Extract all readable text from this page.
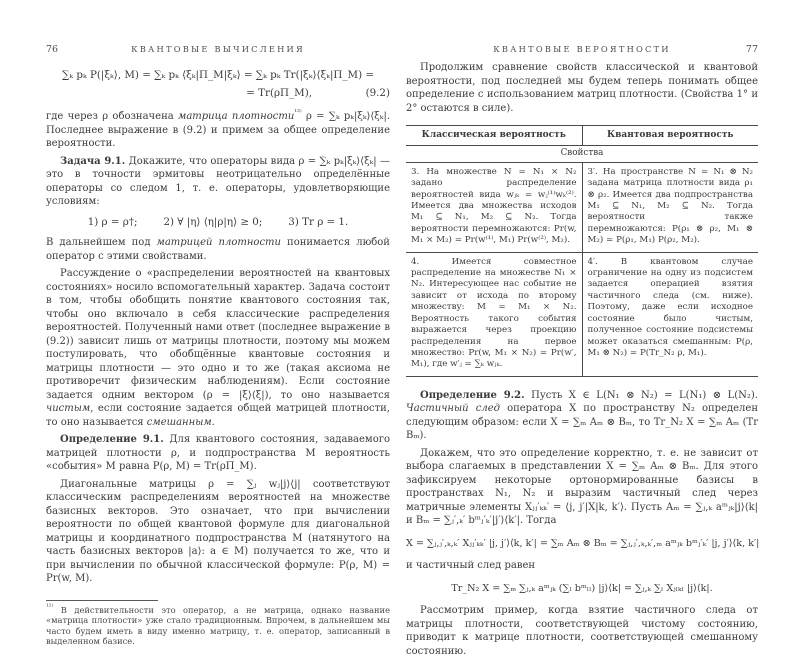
76	КВАНТОВЫЕ ВЫЧИСЛЕНИЯ
∑ₖ pₖ P(|ξₖ⟩, M) = ∑ₖ pₖ ⟨ξₖ|Π_M|ξₖ⟩ = ∑ₖ pₖ Tr(|ξₖ⟩⟨ξₖ|Π_M) =
= Tr(ρΠ_M),	(9.2)

где через ρ обозначена матрица плотности$^{^{12)}}$ ρ = ∑ₖ pₖ|ξₖ⟩⟨ξₖ|. Последнее выражение в (9.2) и примем за общее определение вероятности.

Задача 9.1. Докажите, что операторы вида ρ = ∑ₖ pₖ|ξₖ⟩⟨ξₖ| — это в точности эрмитовы неотрицательно определённые операторы со следом 1, т. е. операторы, удовлетворяющие условиям:

1) ρ = ρ†;	2) ∀ |η⟩ ⟨η|ρ|η⟩ ≥ 0;	3) Tr ρ = 1.

В дальнейшем под матрицей плотности понимается любой оператор с этими свойствами.

Рассуждение о «распределении вероятностей на квантовых состояниях» носило вспомогательный характер. Задача состоит в том, чтобы обобщить понятие квантового состояния так, чтобы оно включало в себя классические распределения вероятностей. Полученный нами ответ (последнее выражение в (9.2)) зависит лишь от матрицы плотности, поэтому мы можем постулировать, что обобщённые квантовые состояния и матрицы плотности — это одно и то же (такая аксиома не противоречит физическим наблюдениям). Если состояние задается одним вектором (ρ = |ξ⟩⟨ξ|), то оно называется чистым, если состояние задается общей матрицей плотности, то оно называется смешанным.

Определение 9.1. Для квантового состояния, задаваемого матрицей плотности ρ, и подпространства M вероятность «события» M равна P(ρ, M) = Tr(ρΠ_M).

Диагональные матрицы ρ = ∑ⱼ wⱼ|j⟩⟨j| соответствуют классическим распределениям вероятностей на множестве базисных векторов. Это означает, что при вычислении вероятности по общей квантовой формуле для диагональной матрицы и координатного подпространства M (натянутого на часть базисных векторов |a⟩: a ∈ M) получается то же, что и при вычислении по обычной классической формуле: P(ρ, M) = Pr(w, M).

$^{^{12)}}$ В действительности это оператор, а не матрица, однако название «матрица плотности» уже стало традиционным. Впрочем, в дальнейшем мы часто будем иметь в виду именно матрицу, т. е. оператор, записанный в выделенном базисе.

КВАНТОВЫЕ ВЕРОЯТНОСТИ	77

Продолжим сравнение свойств классической и квантовой вероятности, под последней мы будем теперь понимать общее определение с использованием матриц плотности. (Свойства 1° и 2° остаются в силе).

Классическая вероятность	Квантовая вероятность
Свойства	
3. На множестве N = N₁ × N₂ задано распределение вероятностей вида wⱼₖ = wⱼ⁽¹⁾wₖ⁽²⁾. Имеется два множества исходов M₁ ⊆ N₁, M₂ ⊆ N₂. Тогда вероятности перемножаются: Pr(w, M₁ × M₂) = Pr(w⁽¹⁾, M₁) Pr(w⁽²⁾, M₂).	3′. На пространстве N = N₁ ⊗ N₂ задана матрица плотности вида ρ₁ ⊗ ρ₂. Имеется два подпространства M₁ ⊆ N₁, M₂ ⊆ N₂. Тогда вероятности также перемножаются: P(ρ₁ ⊗ ρ₂, M₁ ⊗ M₂) = P(ρ₁, M₁) P(ρ₂, M₂).
4. Имеется совместное распределение на множестве N₁ × N₂. Интересующее нас событие не зависит от исхода по второму множеству: M = M₁ × N₂. Вероятность такого события выражается через проекцию распределения на первое множество: Pr(w, M₁ × N₂) = Pr(w′, M₁), где w′ⱼ = ∑ₖ wⱼₖ.	4′. В квантовом случае ограничение на одну из подсистем задается операцией взятия частичного следа (см. ниже). Поэтому, даже если исходное состояние было чистым, полученное состояние подсистемы может оказаться смешанным: P(ρ, M₁ ⊗ N₂) = P(Tr_N₂ ρ, M₁).

Определение 9.2. Пусть X ∈ L(N₁ ⊗ N₂) = L(N₁) ⊗ L(N₂). Частичный след оператора X по пространству N₂ определен следующим образом: если X = ∑ₘ Aₘ ⊗ Bₘ, то Tr_N₂ X = ∑ₘ Aₘ (Tr Bₘ).

Докажем, что это определение корректно, т. е. не зависит от выбора слагаемых в представлении X = ∑ₘ Aₘ ⊗ Bₘ. Для этого зафиксируем некоторые ортонормированные базисы в пространствах N₁, N₂ и выразим частичный след через матричные элементы Xⱼⱼ′ₖₖ′ = ⟨j, j′|X|k, k′⟩. Пусть Aₘ = ∑ⱼ,ₖ aᵐⱼₖ|j⟩⟨k| и Bₘ = ∑ⱼ′,ₖ′ bᵐⱼ′ₖ′|j′⟩⟨k′|. Тогда

X = ∑ⱼ,ⱼ′,ₖ,ₖ′ Xⱼⱼ′ₖₖ′ |j, j′⟩⟨k, k′| = ∑ₘ Aₘ ⊗ Bₘ = ∑ⱼ,ⱼ′,ₖ,ₖ′,ₘ aᵐⱼₖ bᵐⱼ′ₖ′ |j, j′⟩⟨k, k′|

и частичный след равен

Tr_N₂ X = ∑ₘ ∑ⱼ,ₖ aᵐⱼₖ (∑ₗ bᵐₗₗ) |j⟩⟨k| = ∑ⱼ,ₖ ∑ₗ Xⱼₗₖₗ |j⟩⟨k|.

Рассмотрим пример, когда взятие частичного следа от матрицы плотности, соответствующей чистому состоянию, приводит к матрице плотности, соответствующей смешанному состоянию.
